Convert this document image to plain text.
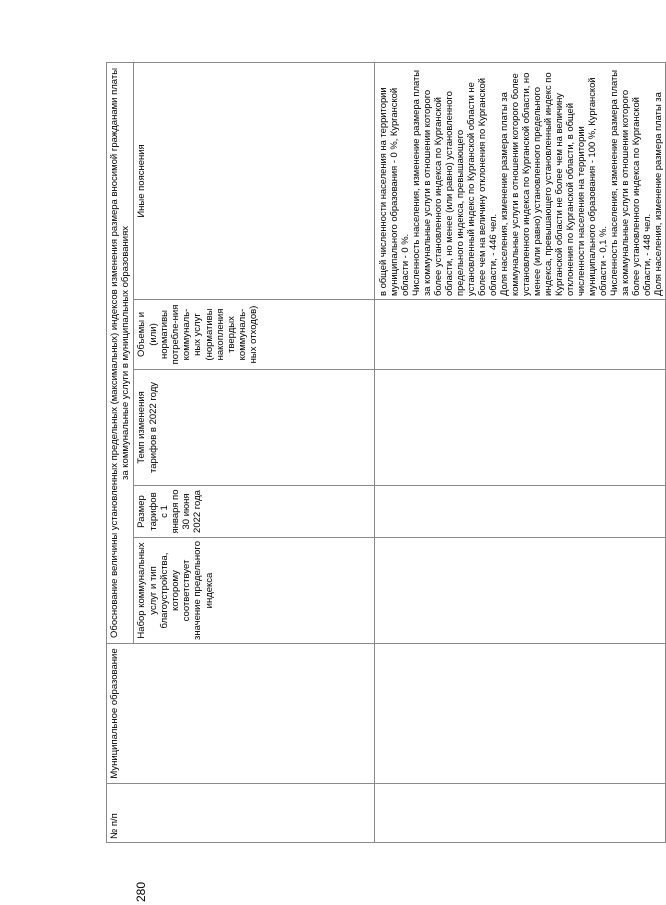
280
№ п/п	Муниципальное образование	Обоснование величины установленных предельных (максимальных) индексов изменения размера вносимой гражданами платы за коммунальные услуги в муниципальных образованиях				
		Набор коммунальных услуг и тип благоустройства, которому соответствует значение предельного индекса	Размер тарифов с 1 января по 30 июня 2022 года	Темп изменения тарифов в 2022 году	Объемы и (или) нормативы потребле-ния коммуналь-ных услуг (нормативы накопления твердых коммуналь-ных отходов)	Иные пояснения

						в общей численности населения на территории муниципального образования - 0 %, Курганской области - 0 %. Численность населения, изменение размера платы за коммунальные услуги в отношении которого более установленного индекса по Курганской области, но менее (или равно) установленного предельного индекса, превышающего установленный индекс по Курганской области не более чем на величину отклонения по Курганской области, - 446 чел. Доля населения, изменение размера платы за коммунальные услуги в отношении которого более установленного индекса по Курганской области, но менее (или равно) установленного предельного индекса, превышающего установленный индекс по Курганской области не более чем на величину отклонения по Курганской области, в общей численности населения на территории муниципального образования - 100 %, Курганской области - 0,1 %. Численность населения, изменение размера платы за коммунальные услуги в отношении которого более установленного индекса по Курганской области, - 448 чел. Доля населения, изменение размера платы за
